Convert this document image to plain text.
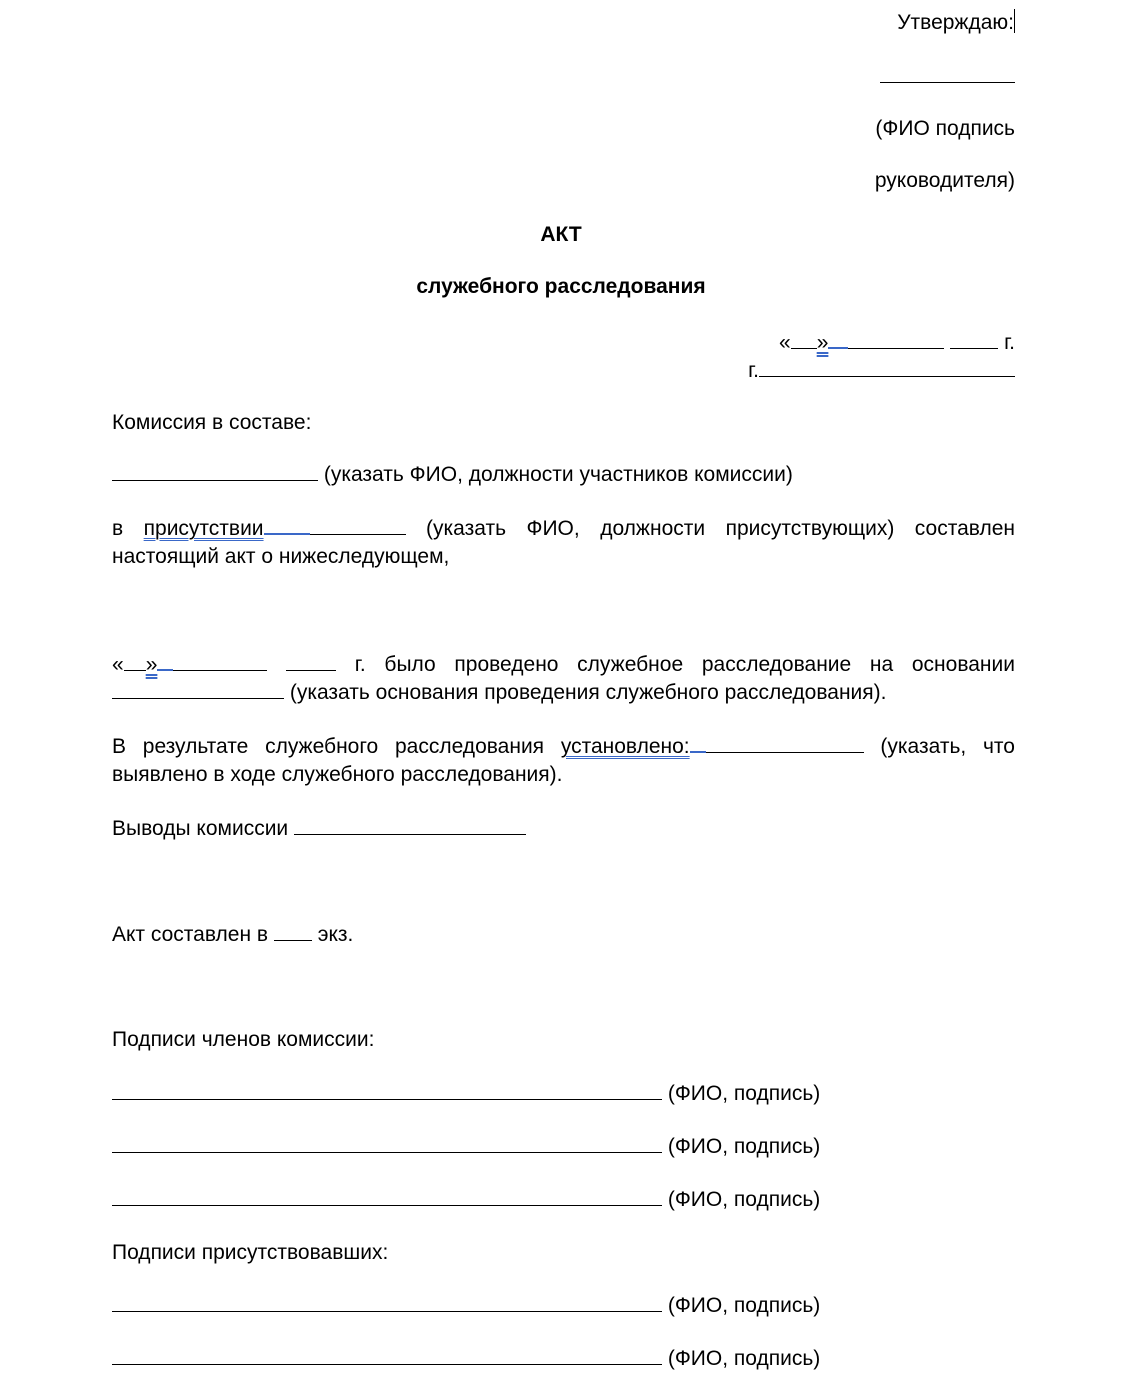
Утверждаю:
(ФИО подпись
руководителя)
АКТ
служебного расследования
« »	г.
г.
Комиссия в составе:
(указать ФИО, должности участников комиссии)
в присутствии	(указать ФИО, должности присутствующих) составлен
настоящий акт о нижеследующем,
« »	г. было проведено служебное расследование на основании
(указать основания проведения служебного расследования).
В результате служебного расследования установлено:	(указать, что
выявлено в ходе служебного расследования).
Выводы комиссии
Акт составлен в экз.
Подписи членов комиссии:
(ФИО, подпись)
(ФИО, подпись)
(ФИО, подпись)
Подписи присутствовавших:
(ФИО, подпись)
(ФИО, подпись)
